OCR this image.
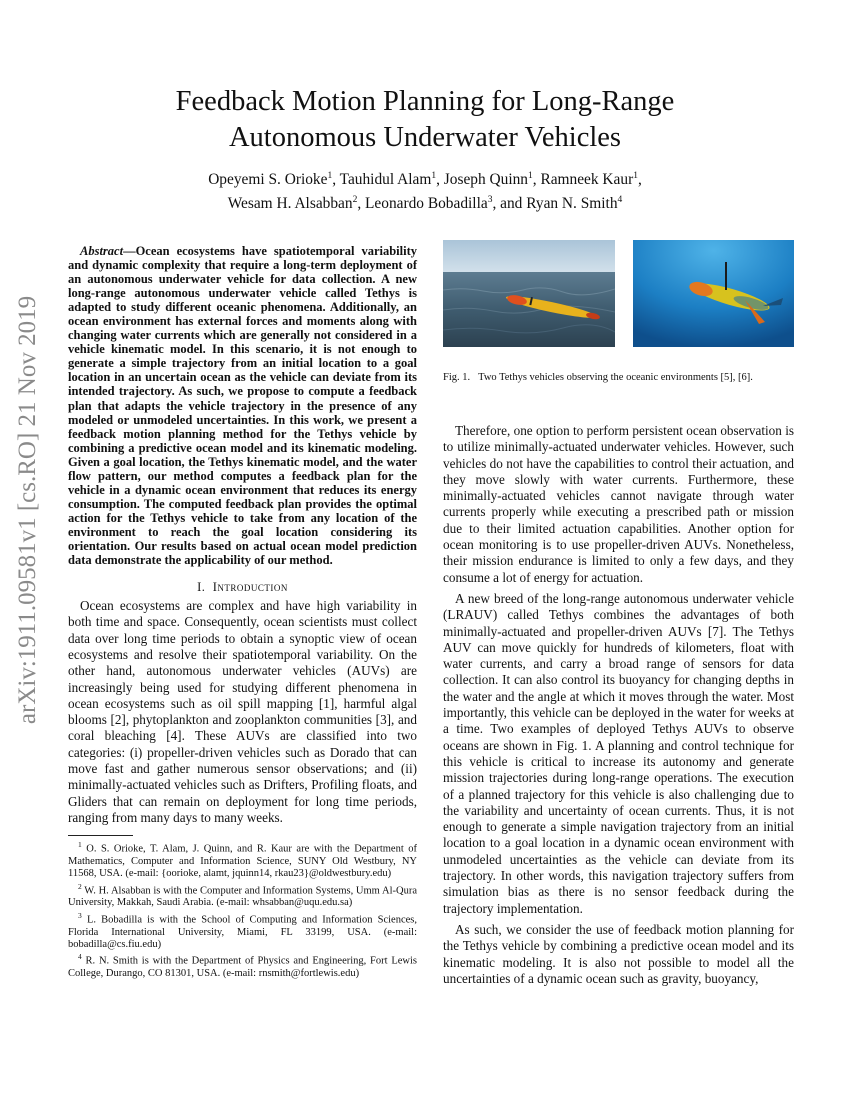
arXiv:1911.09581v1 [cs.RO] 21 Nov 2019
Feedback Motion Planning for Long-Range
Autonomous Underwater Vehicles
Opeyemi S. Orioke$^1$, Tauhidul Alam$^1$, Joseph Quinn$^1$, Ramneek Kaur$^1$,
Wesam H. Alsabban$^2$, Leonardo Bobadilla$^3$, and Ryan N. Smith$^4$

Abstract—Ocean ecosystems have spatiotemporal variability and dynamic complexity that require a long-term deployment of an autonomous underwater vehicle for data collection. A new long-range autonomous underwater vehicle called Tethys is adapted to study different oceanic phenomena. Additionally, an ocean environment has external forces and moments along with changing water currents which are generally not considered in a vehicle kinematic model. In this scenario, it is not enough to generate a simple trajectory from an initial location to a goal location in an uncertain ocean as the vehicle can deviate from its intended trajectory. As such, we propose to compute a feedback plan that adapts the vehicle trajectory in the presence of any modeled or unmodeled uncertainties. In this work, we present a feedback motion planning method for the Tethys vehicle by combining a predictive ocean model and its kinematic modeling. Given a goal location, the Tethys kinematic model, and the water flow pattern, our method computes a feedback plan for the vehicle in a dynamic ocean environment that reduces its energy consumption. The computed feedback plan provides the optimal action for the Tethys vehicle to take from any location of the environment to reach the goal location considering its orientation. Our results based on actual ocean model prediction data demonstrate the applicability of our method.

I. Introduction

Ocean ecosystems are complex and have high variability in both time and space. Consequently, ocean scientists must collect data over long time periods to obtain a synoptic view of ocean ecosystems and resolve their spatiotemporal variability. On the other hand, autonomous underwater vehicles (AUVs) are increasingly being used for studying different phenomena in ocean ecosystems such as oil spill mapping [1], harmful algal blooms [2], phytoplankton and zooplankton communities [3], and coral bleaching [4]. These AUVs are classified into two categories: (i) propeller-driven vehicles such as Dorado that can move fast and gather numerous sensor observations; and (ii) minimally-actuated vehicles such as Drifters, Profiling floats, and Gliders that can remain on deployment for long time periods, ranging from many days to many weeks.

$^1$ O. S. Orioke, T. Alam, J. Quinn, and R. Kaur are with the Department of Mathematics, Computer and Information Science, SUNY Old Westbury, NY 11568, USA. (e-mail: {oorioke, alamt, jquinn14, rkau23}@oldwestbury.edu)

$^2$ W. H. Alsabban is with the Computer and Information Systems, Umm Al-Qura University, Makkah, Saudi Arabia. (e-mail: whsabban@uqu.edu.sa)

$^3$ L. Bobadilla is with the School of Computing and Information Sciences, Florida International University, Miami, FL 33199, USA. (e-mail: bobadilla@cs.fiu.edu)

$^4$ R. N. Smith is with the Department of Physics and Engineering, Fort Lewis College, Durango, CO 81301, USA. (e-mail: rnsmith@fortlewis.edu)

Fig. 1. Two Tethys vehicles observing the oceanic environments [5], [6].

Therefore, one option to perform persistent ocean observation is to utilize minimally-actuated underwater vehicles. However, such vehicles do not have the capabilities to control their actuation, and they move slowly with water currents. Furthermore, these minimally-actuated vehicles cannot navigate through water currents properly while executing a prescribed path or mission due to their limited actuation capabilities. Another option for ocean monitoring is to use propeller-driven AUVs. Nonetheless, their mission endurance is limited to only a few days, and they consume a lot of energy for actuation.

A new breed of the long-range autonomous underwater vehicle (LRAUV) called Tethys combines the advantages of both minimally-actuated and propeller-driven AUVs [7]. The Tethys AUV can move quickly for hundreds of kilometers, float with water currents, and carry a broad range of sensors for data collection. It can also control its buoyancy for changing depths in the water and the angle at which it moves through the water. Most importantly, this vehicle can be deployed in the water for weeks at a time. Two examples of deployed Tethys AUVs to observe oceans are shown in Fig. 1. A planning and control technique for this vehicle is critical to increase its autonomy and generate mission trajectories during long-range operations. The execution of a planned trajectory for this vehicle is also challenging due to the variability and uncertainty of ocean currents. Thus, it is not enough to generate a simple navigation trajectory from an initial location to a goal location in a dynamic ocean environment with unmodeled uncertainties as the vehicle can deviate from its trajectory. In other words, this navigation trajectory suffers from simulation bias as there is no sensor feedback during the trajectory implementation.

As such, we consider the use of feedback motion planning for the Tethys vehicle by combining a predictive ocean model and its kinematic modeling. It is also not possible to model all the uncertainties of a dynamic ocean such as gravity, buoyancy,
